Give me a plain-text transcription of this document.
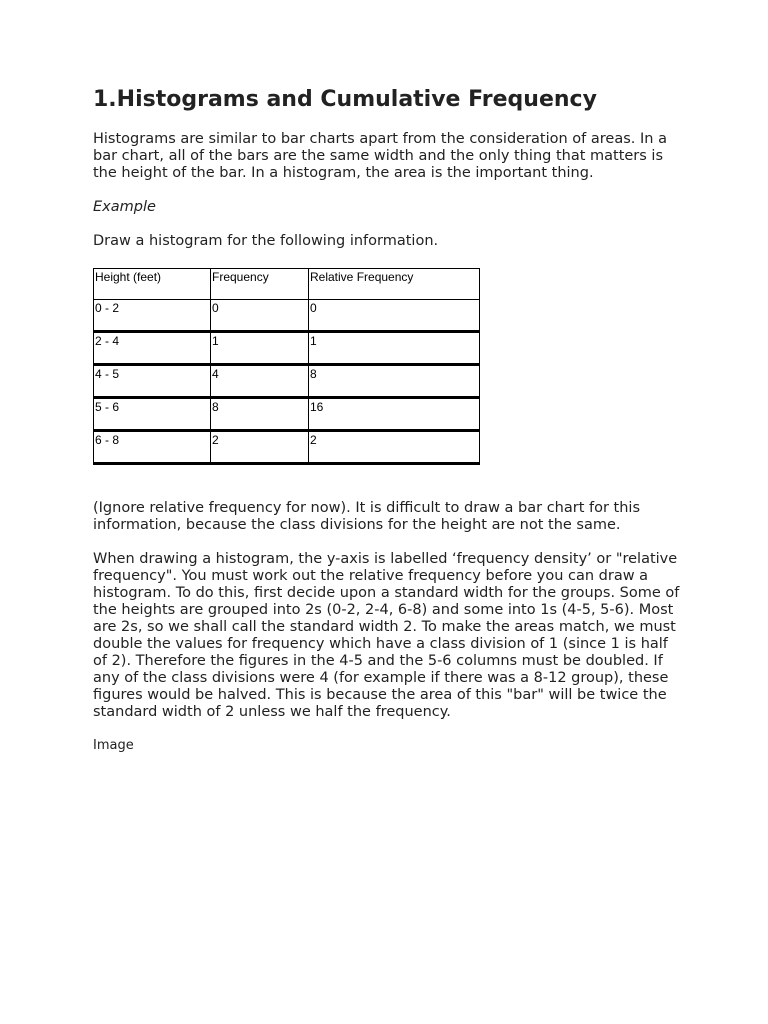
1.Histograms and Cumulative Frequency

Histograms are similar to bar charts apart from the consideration of areas. In a bar chart, all of the bars are the same width and the only thing that matters is the height of the bar. In a histogram, the area is the important thing.

Example

Draw a histogram for the following information.

Height (feet)	Frequency	Relative Frequency
0 - 2	0	0
2 - 4	1	1
4 - 5	4	8
5 - 6	8	16
6 - 8	2	2

(Ignore relative frequency for now). It is difficult to draw a bar chart for this information, because the class divisions for the height are not the same.

When drawing a histogram, the y-axis is labelled ‘frequency density’ or "relative frequency". You must work out the relative frequency before you can draw a histogram. To do this, first decide upon a standard width for the groups. Some of the heights are grouped into 2s (0-2, 2-4, 6-8) and some into 1s (4-5, 5-6). Most are 2s, so we shall call the standard width 2. To make the areas match, we must double the values for frequency which have a class division of 1 (since 1 is half of 2). Therefore the figures in the 4-5 and the 5-6 columns must be doubled. If any of the class divisions were 4 (for example if there was a 8-12 group), these figures would be halved. This is because the area of this "bar" will be twice the standard width of 2 unless we half the frequency.

Image
